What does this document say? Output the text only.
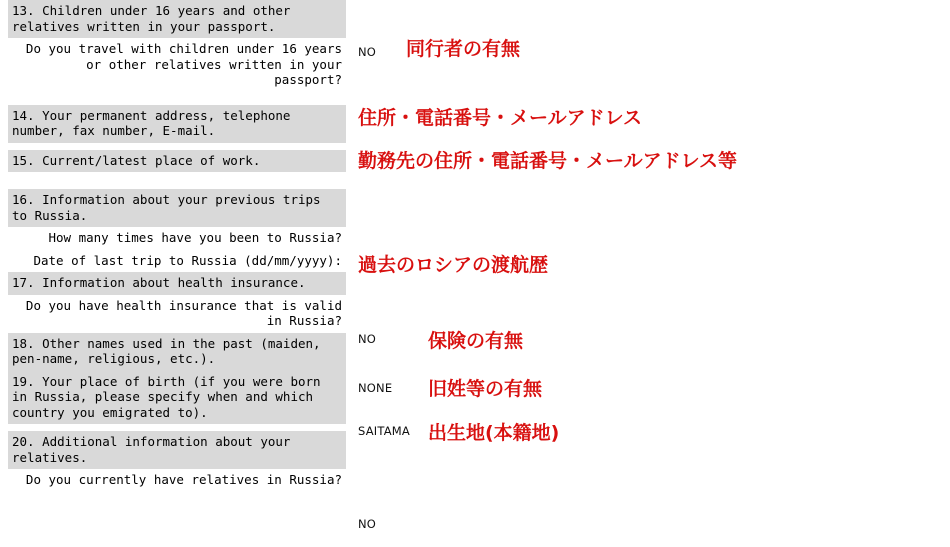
13. Children under 16 years and other relatives written in your passport.
Do you travel with children under 16 years or other relatives written in your passport?
14. Your permanent address, telephone number, fax number, E-mail.
15. Current/latest place of work.
16. Information about your previous trips to Russia.
How many times have you been to Russia?
Date of last trip to Russia (dd/mm/yyyy):
17. Information about health insurance.
Do you have health insurance that is valid in Russia?
18. Other names used in the past (maiden, pen-name, religious, etc.).
19. Your place of birth (if you were born in Russia, please specify when and which country you emigrated to).
20. Additional information about your relatives.
Do you currently have relatives in Russia?
NO
NO
NONE
SAITAMA
NO
同行者の有無
住所・電話番号・メールアドレス
勤務先の住所・電話番号・メールアドレス等
過去のロシアの渡航歴
保険の有無
旧姓等の有無
出生地(本籍地)
